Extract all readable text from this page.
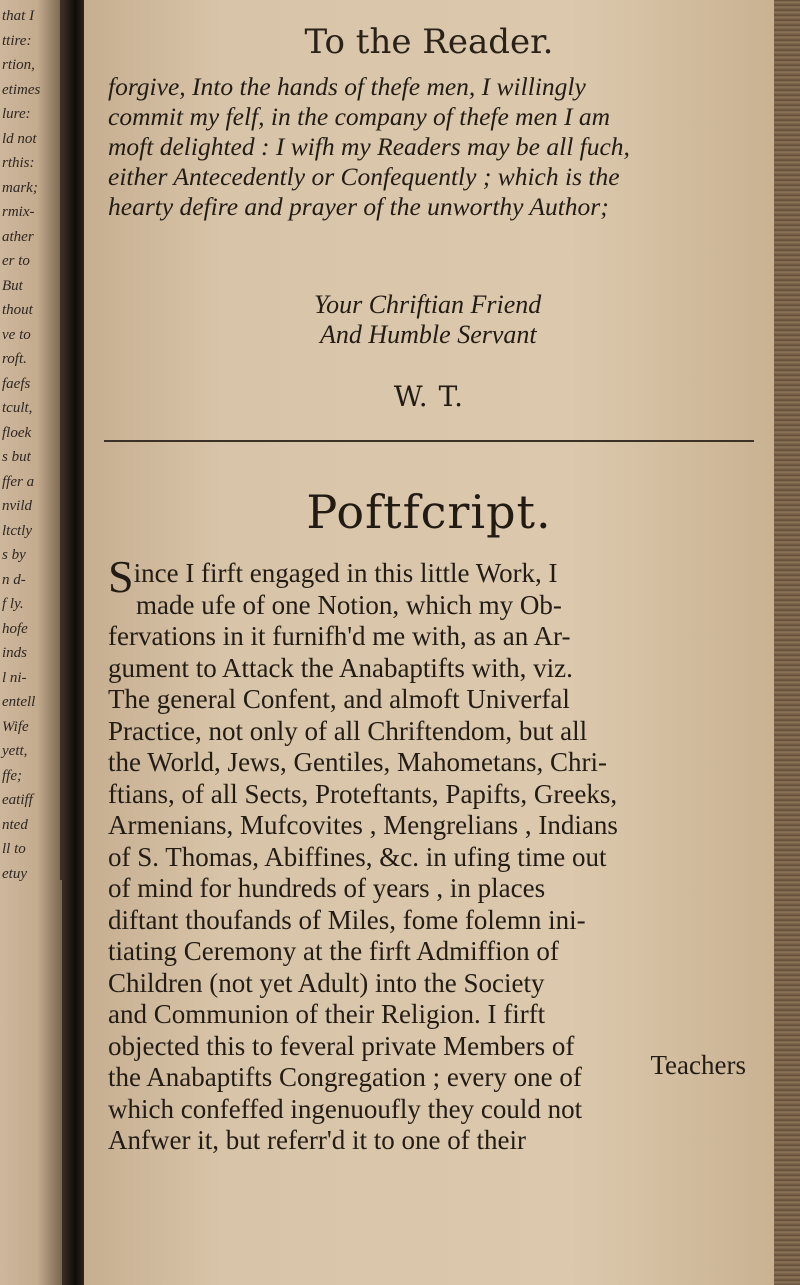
that I
ttire:
rtion,
etimes
lure:
ld not
rthis:
mark;
rmix-
ather
er to
But
thout
ve to
roft.
faefs
tcult,
floek
s but
ffer a
nvild
ltctly
s by
n d-
f ly.
hofe
inds
l ni-
entell
Wife
yett,
ffe;
eatiff
nted
ll to
etuy
To the Reader.
forgive, Into the hands of thefe men, I willingly
commit my felf, in the company of thefe men I am
moft delighted : I wifh my Readers may be all fuch,
either Antecedently or Confequently ; which is the
hearty defire and prayer of the unworthy Author;
Your Chriftian Friend
And Humble Servant
W. T.
Poftfcript.
Since I firft engaged in this little Work, I
made ufe of one Notion, which my Ob-
fervations in it furnifh'd me with, as an Ar-
gument to Attack the Anabaptifts with, viz.
The general Confent, and almoft Univerfal
Practice, not only of all Chriftendom, but all
the World, Jews, Gentiles, Mahometans, Chri-
ftians, of all Sects, Proteftants, Papifts, Greeks,
Armenians, Mufcovites , Mengrelians , Indians
of S. Thomas, Abiffines, &c. in ufing time out
of mind for hundreds of years , in places
diftant thoufands of Miles, fome folemn ini-
tiating Ceremony at the firft Admiffion of
Children (not yet Adult) into the Society
and Communion of their Religion. I firft
objected this to feveral private Members of
the Anabaptifts Congregation ; every one of
which confeffed ingenuoufly they could not
Anfwer it, but referr'd it to one of their
Teachers
